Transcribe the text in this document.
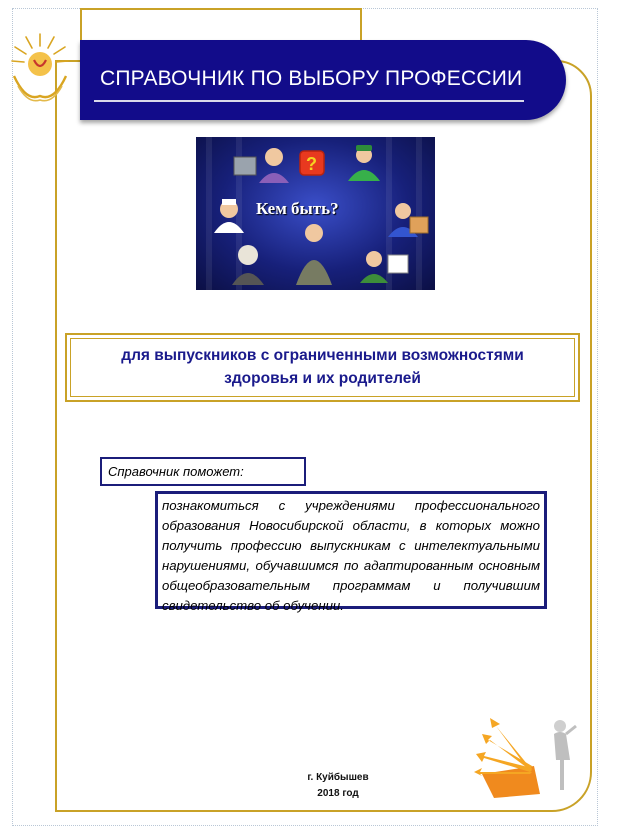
СПРАВОЧНИК ПО ВЫБОРУ ПРОФЕССИИ
?
Кем быть?
для выпускников с ограниченными возможностями
здоровья и их родителей
Справочник поможет:
познакомиться с учреждениями профессионального образования Новосибирской области, в которых можно получить профессию выпускникам с интелектуальными нарушениями, обучавшимся по адаптированным основным общеобразовательным программам и получившим свидетельство об обучении.
г. Куйбышев
2018 год
